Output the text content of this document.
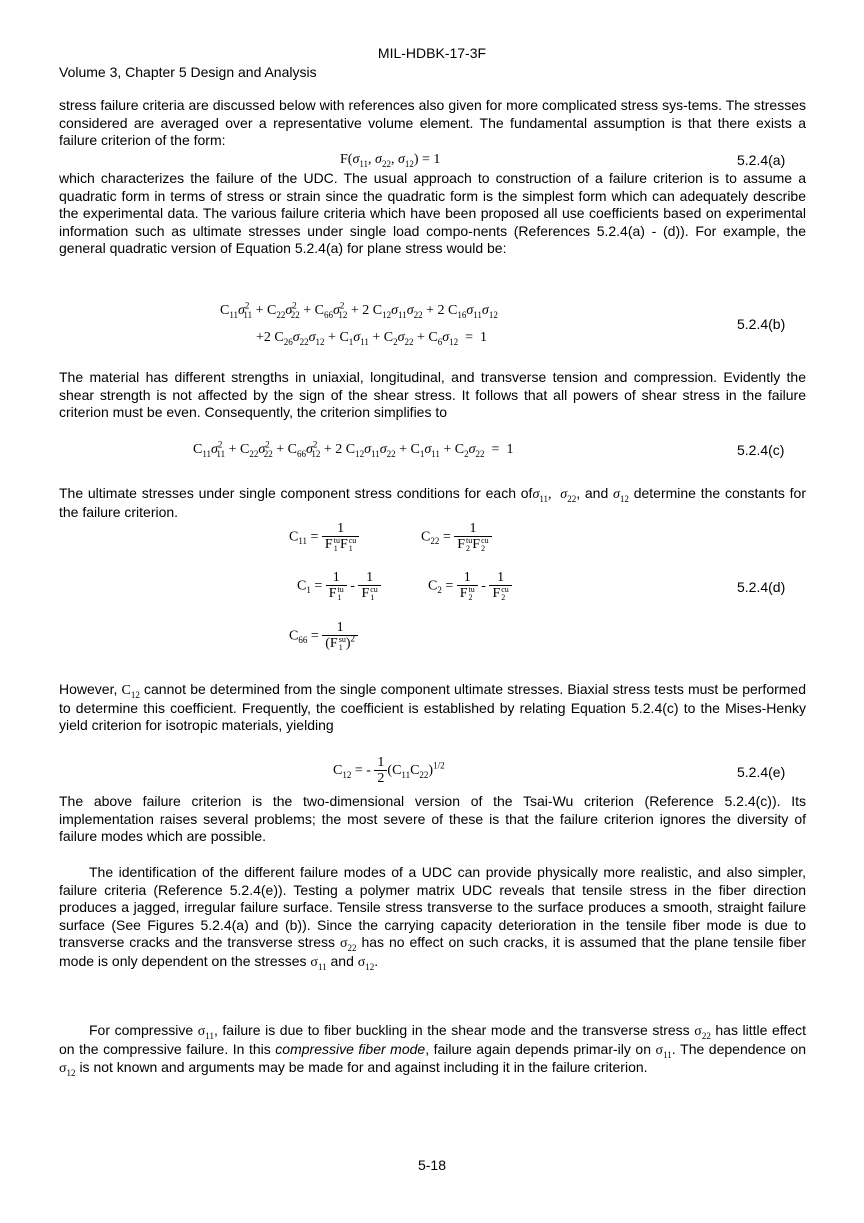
MIL-HDBK-17-3F
Volume 3, Chapter 5 Design and Analysis
stress failure criteria are discussed below with references also given for more complicated stress sys-tems. The stresses considered are averaged over a representative volume element. The fundamental assumption is that there exists a failure criterion of the form:
$F(\sigma_{11}$, $\sigma_{22}$, $\sigma_{12}) = 1$	5.2.4(a)
which characterizes the failure of the UDC. The usual approach to construction of a failure criterion is to assume a quadratic form in terms of stress or strain since the quadratic form is the simplest form which can adequately describe the experimental data. The various failure criteria which have been proposed all use coefficients based on experimental information such as ultimate stresses under single load compo-nents (References 5.2.4(a) - (d)). For example, the general quadratic version of Equation 5.2.4(a) for plane stress would be:
$C_{11}\sigma^2_{11} + C_{22}\sigma^2_{22} + C_{66}\sigma^2_{12} + 2$ $C_{12}\sigma_{11}\sigma_{22} + 2$ $C_{16}\sigma_{11}\sigma_{12}$
+2 $C_{26}\sigma_{22}\sigma_{12} + C_1\sigma_{11} + C_2\sigma_{22} + C_6\sigma_{12} = 1$
5.2.4(b)
The material has different strengths in uniaxial, longitudinal, and transverse tension and compression. Evidently the shear strength is not affected by the sign of the shear stress. It follows that all powers of shear stress in the failure criterion must be even. Consequently, the criterion simplifies to
$C_{11}\sigma^2_{11} + C_{22}\sigma^2_{22} + C_{66}\sigma^2_{12} + 2$ $C_{12}\sigma_{11}\sigma_{22} + C_1\sigma_{11} + C_2\sigma_{22} = 1$	5.2.4(c)
The ultimate stresses under single component stress conditions for each ofσ$_{11}$,  $\sigma_{22}$, and $\sigma_{12}$ determine the constants for the failure criterion.
$C_{11} = 1$
F tu
1 F cu
1	$C_{22} = 1$
F tu
2 F cu
2
$C_1 = 1$
F tu
1 - 1
F cu
1	$C_2 = 1$
F tu
2 - 1
F cu
2
$C_{66} = 1$
(F su
1 )$^2$
5.2.4(d)
However, $C_{12}$ cannot be determined from the single component ultimate stresses. Biaxial stress tests must be performed to determine this coefficient. Frequently, the coefficient is established by relating Equation 5.2.4(c) to the Mises-Henky yield criterion for isotropic materials, yielding
$C_{12}$ = - $\frac{1}{2} (C_{11}C_{22})^{1/2}$	5.2.4(e)
The above failure criterion is the two-dimensional version of the Tsai-Wu criterion (Reference 5.2.4(c)). Its implementation raises several problems; the most severe of these is that the failure criterion ignores the diversity of failure modes which are possible.
The identification of the different failure modes of a UDC can provide physically more realistic, and also simpler, failure criteria (Reference 5.2.4(e)). Testing a polymer matrix UDC reveals that tensile stress in the fiber direction produces a jagged, irregular failure surface. Tensile stress transverse to the surface produces a smooth, straight failure surface (See Figures 5.2.4(a) and (b)). Since the carrying capacity deterioration in the tensile fiber mode is due to transverse cracks and the transverse stress $\sigma_{22}$ has no effect on such cracks, it is assumed that the plane tensile fiber mode is only dependent on the stresses $\sigma_{11}$ and $\sigma_{12}$.
For compressive $\sigma_{11}$, failure is due to fiber buckling in the shear mode and the transverse stress $\sigma_{22}$ has little effect on the compressive failure. In this compressive fiber mode, failure again depends primar-ily on $\sigma_{11}$. The dependence on $\sigma_{12}$ is not known and arguments may be made for and against including it in the failure criterion.
5-18
